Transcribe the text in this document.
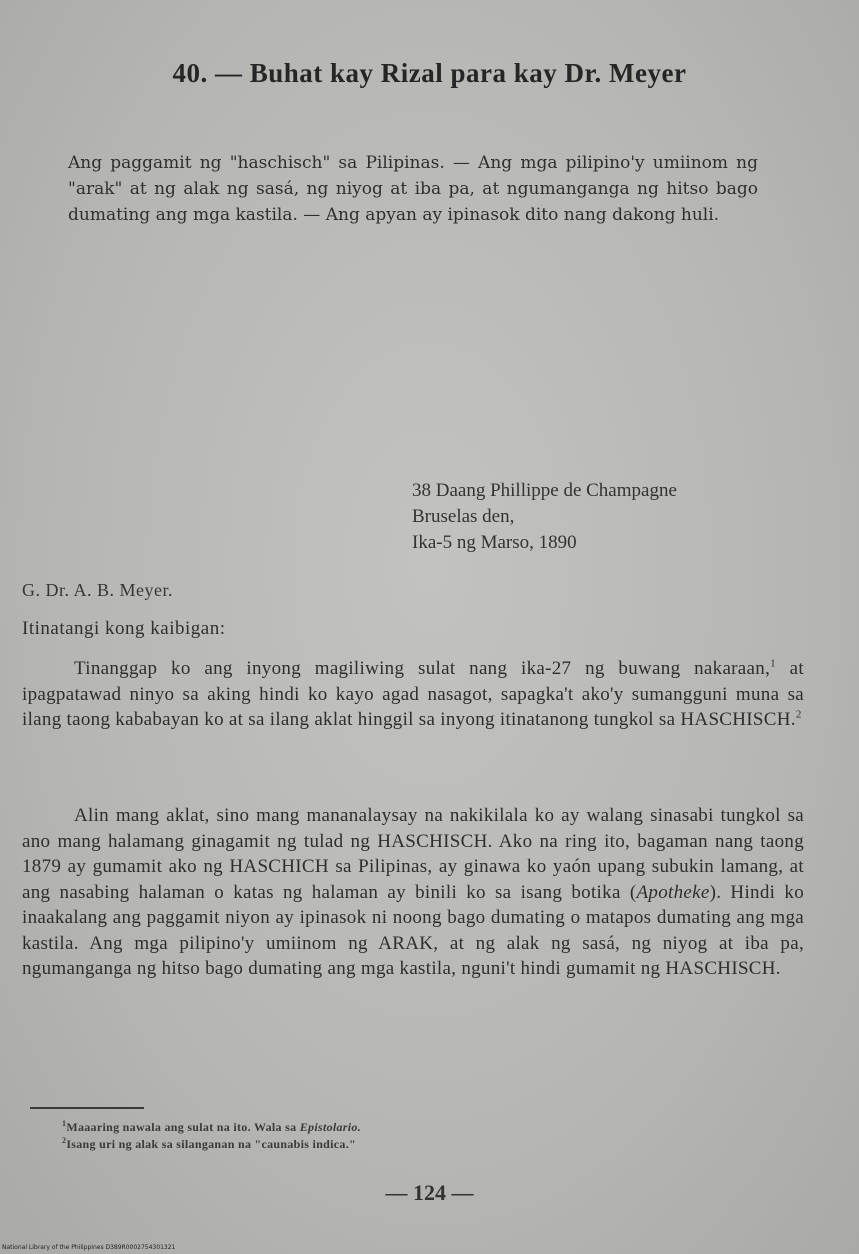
40. — Buhat kay Rizal para kay Dr. Meyer
Ang paggamit ng "haschisch" sa Pilipinas. — Ang mga pilipino'y umiinom ng "arak" at ng alak ng sasá, ng niyog at iba pa, at ngumanganga ng hitso bago dumating ang mga kastila. — Ang apyan ay ipinasok dito nang dakong huli.
38 Daang Phillippe de Champagne
Bruselas den,
Ika-5 ng Marso, 1890
G. Dr. A. B. Meyer.
Itinatangi kong kaibigan:
Tinanggap ko ang inyong magiliwing sulat nang ika-27 ng buwang nakaraan,$^1$ at ipagpatawad ninyo sa aking hindi ko kayo agad nasagot, sapagka't ako'y sumangguni muna sa ilang taong kababayan ko at sa ilang aklat hinggil sa inyong itinatanong tungkol sa HASCHISCH.$^2$
Alin mang aklat, sino mang mananalaysay na nakikilala ko ay walang sinasabi tungkol sa ano mang halamang ginagamit ng tulad ng HASCHISCH. Ako na ring ito, bagaman nang taong 1879 ay gumamit ako ng HASCHICH sa Pilipinas, ay ginawa ko yaón upang subukin lamang, at ang nasabing halaman o katas ng halaman ay binili ko sa isang botika (Apotheke). Hindi ko inaakalang ang paggamit niyon ay ipinasok ni noong bago dumating o matapos dumating ang mga kastila. Ang mga pilipino'y umiinom ng ARAK, at ng alak ng sasá, ng niyog at iba pa, ngumanganga ng hitso bago dumating ang mga kastila, nguni't hindi gumamit ng HASCHISCH.
$^1$Maaaring nawala ang sulat na ito. Wala sa Epistolario.
$^2$Isang uri ng alak sa silanganan na "caunabis indica."
— 124 —
National Library of the Philippines D389R0002754301321
